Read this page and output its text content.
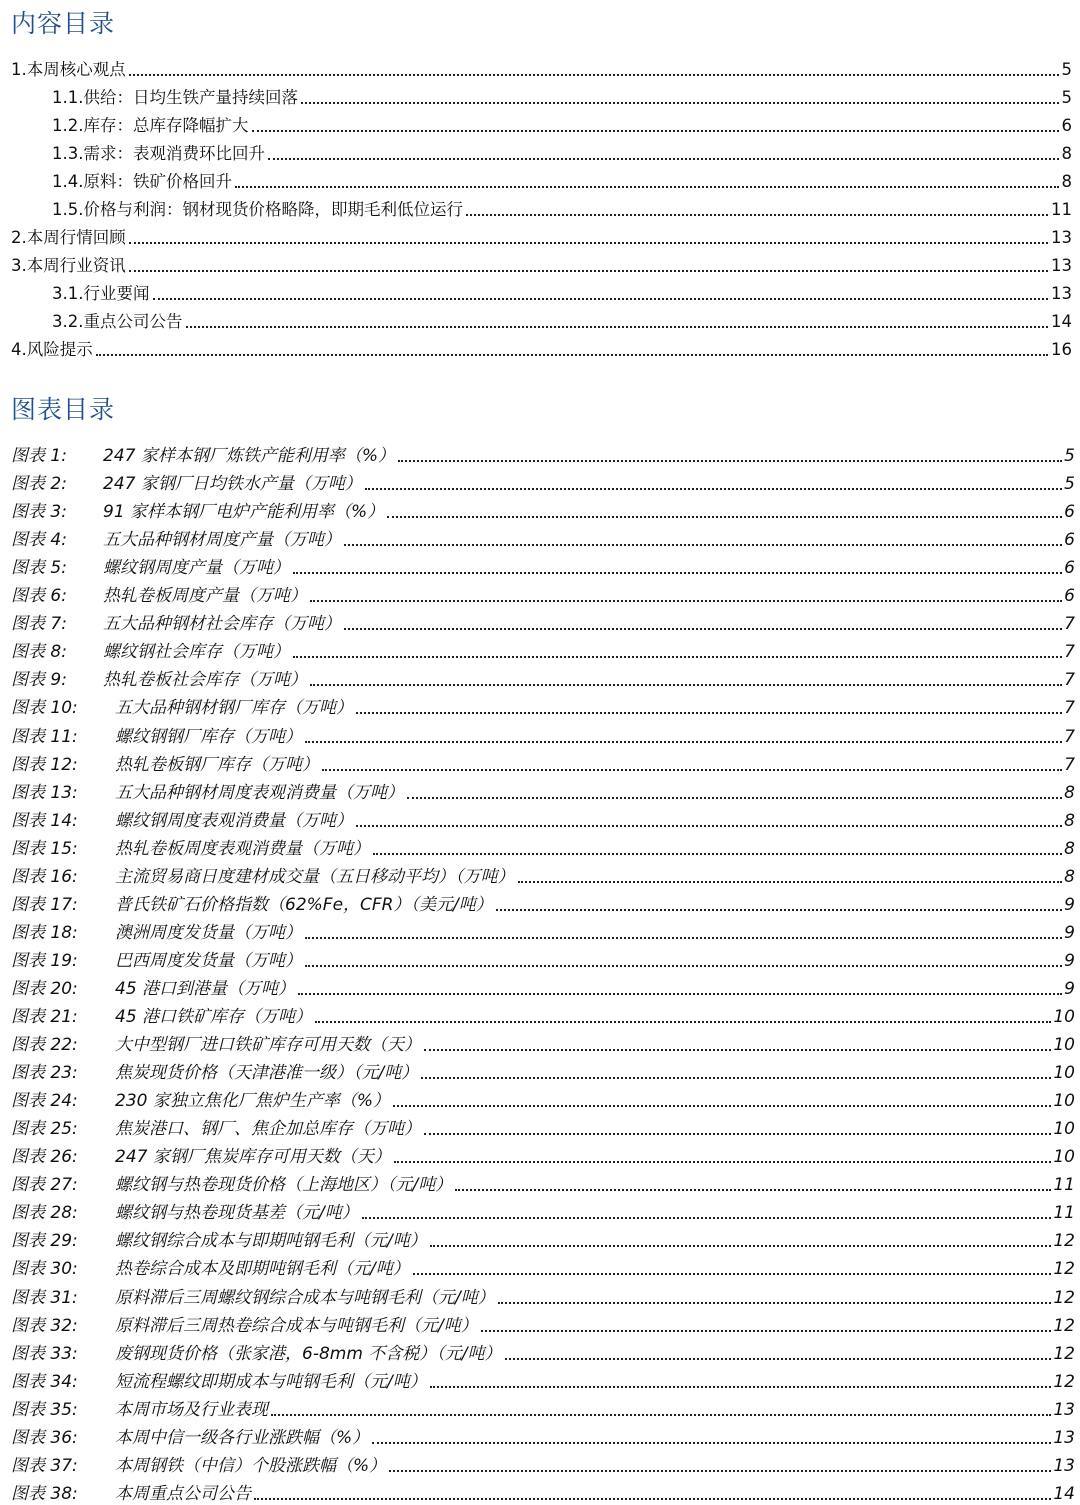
内容目录
1.本周核心观点	5
1.1.供给：日均生铁产量持续回落	5
1.2.库存：总库存降幅扩大	6
1.3.需求：表观消费环比回升	8
1.4.原料：铁矿价格回升	8
1.5.价格与利润：钢材现货价格略降，即期毛利低位运行	11
2.本周行情回顾	13
3.本周行业资讯	13
3.1.行业要闻	13
3.2.重点公司公告	14
4.风险提示	16
图表目录
图表 1:	247 家样本钢厂炼铁产能利用率（%）	5
图表 2:	247 家钢厂日均铁水产量（万吨）	5
图表 3:	91 家样本钢厂电炉产能利用率（%）	6
图表 4:	五大品种钢材周度产量（万吨）	6
图表 5:	螺纹钢周度产量（万吨）	6
图表 6:	热轧卷板周度产量（万吨）	6
图表 7:	五大品种钢材社会库存（万吨）	7
图表 8:	螺纹钢社会库存（万吨）	7
图表 9:	热轧卷板社会库存（万吨）	7
图表 10:	五大品种钢材钢厂库存（万吨）	7
图表 11:	螺纹钢钢厂库存（万吨）	7
图表 12:	热轧卷板钢厂库存（万吨）	7
图表 13:	五大品种钢材周度表观消费量（万吨）	8
图表 14:	螺纹钢周度表观消费量（万吨）	8
图表 15:	热轧卷板周度表观消费量（万吨）	8
图表 16:	主流贸易商日度建材成交量（五日移动平均）（万吨）	8
图表 17:	普氏铁矿石价格指数（62%Fe，CFR）（美元/吨）	9
图表 18:	澳洲周度发货量（万吨）	9
图表 19:	巴西周度发货量（万吨）	9
图表 20:	45 港口到港量（万吨）	9
图表 21:	45 港口铁矿库存（万吨）	10
图表 22:	大中型钢厂进口铁矿库存可用天数（天）	10
图表 23:	焦炭现货价格（天津港准一级）（元/吨）	10
图表 24:	230 家独立焦化厂焦炉生产率（%）	10
图表 25:	焦炭港口、钢厂、焦企加总库存（万吨）	10
图表 26:	247 家钢厂焦炭库存可用天数（天）	10
图表 27:	螺纹钢与热卷现货价格（上海地区）（元/吨）	11
图表 28:	螺纹钢与热卷现货基差（元/吨）	11
图表 29:	螺纹钢综合成本与即期吨钢毛利（元/吨）	12
图表 30:	热卷综合成本及即期吨钢毛利（元/吨）	12
图表 31:	原料滞后三周螺纹钢综合成本与吨钢毛利（元/吨）	12
图表 32:	原料滞后三周热卷综合成本与吨钢毛利（元/吨）	12
图表 33:	废钢现货价格（张家港，6-8mm 不含税）（元/吨）	12
图表 34:	短流程螺纹即期成本与吨钢毛利（元/吨）	12
图表 35:	本周市场及行业表现	13
图表 36:	本周中信一级各行业涨跌幅（%）	13
图表 37:	本周钢铁（中信）个股涨跌幅（%）	13
图表 38:	本周重点公司公告	14
